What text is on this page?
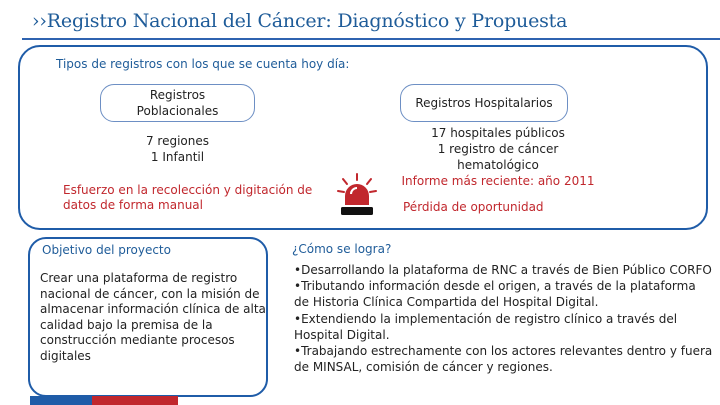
››Registro Nacional del Cáncer: Diagnóstico y Propuesta
Tipos de registros con los que se cuenta hoy día:
Registros Poblacionales
Registros Hospitalarios
7 regiones
1 Infantil
17 hospitales públicos
1 registro de cáncer
hematológico
Informe más reciente: año 2011
Esfuerzo en la recolección y digitación de datos de forma manual	Pérdida de oportunidad
Objetivo del proyecto
Crear una plataforma de registro nacional de cáncer, con la misión de almacenar información clínica de alta calidad bajo la premisa de la construcción mediante procesos digitales
¿Cómo se logra?
•Desarrollando la plataforma de RNC a través de Bien Público CORFO
•Tributando información desde el origen, a través de la plataforma de Historia Clínica Compartida del Hospital Digital.
•Extendiendo la implementación de registro clínico a través del Hospital Digital.
•Trabajando estrechamente con los actores relevantes dentro y fuera de MINSAL, comisión de cáncer y regiones.
